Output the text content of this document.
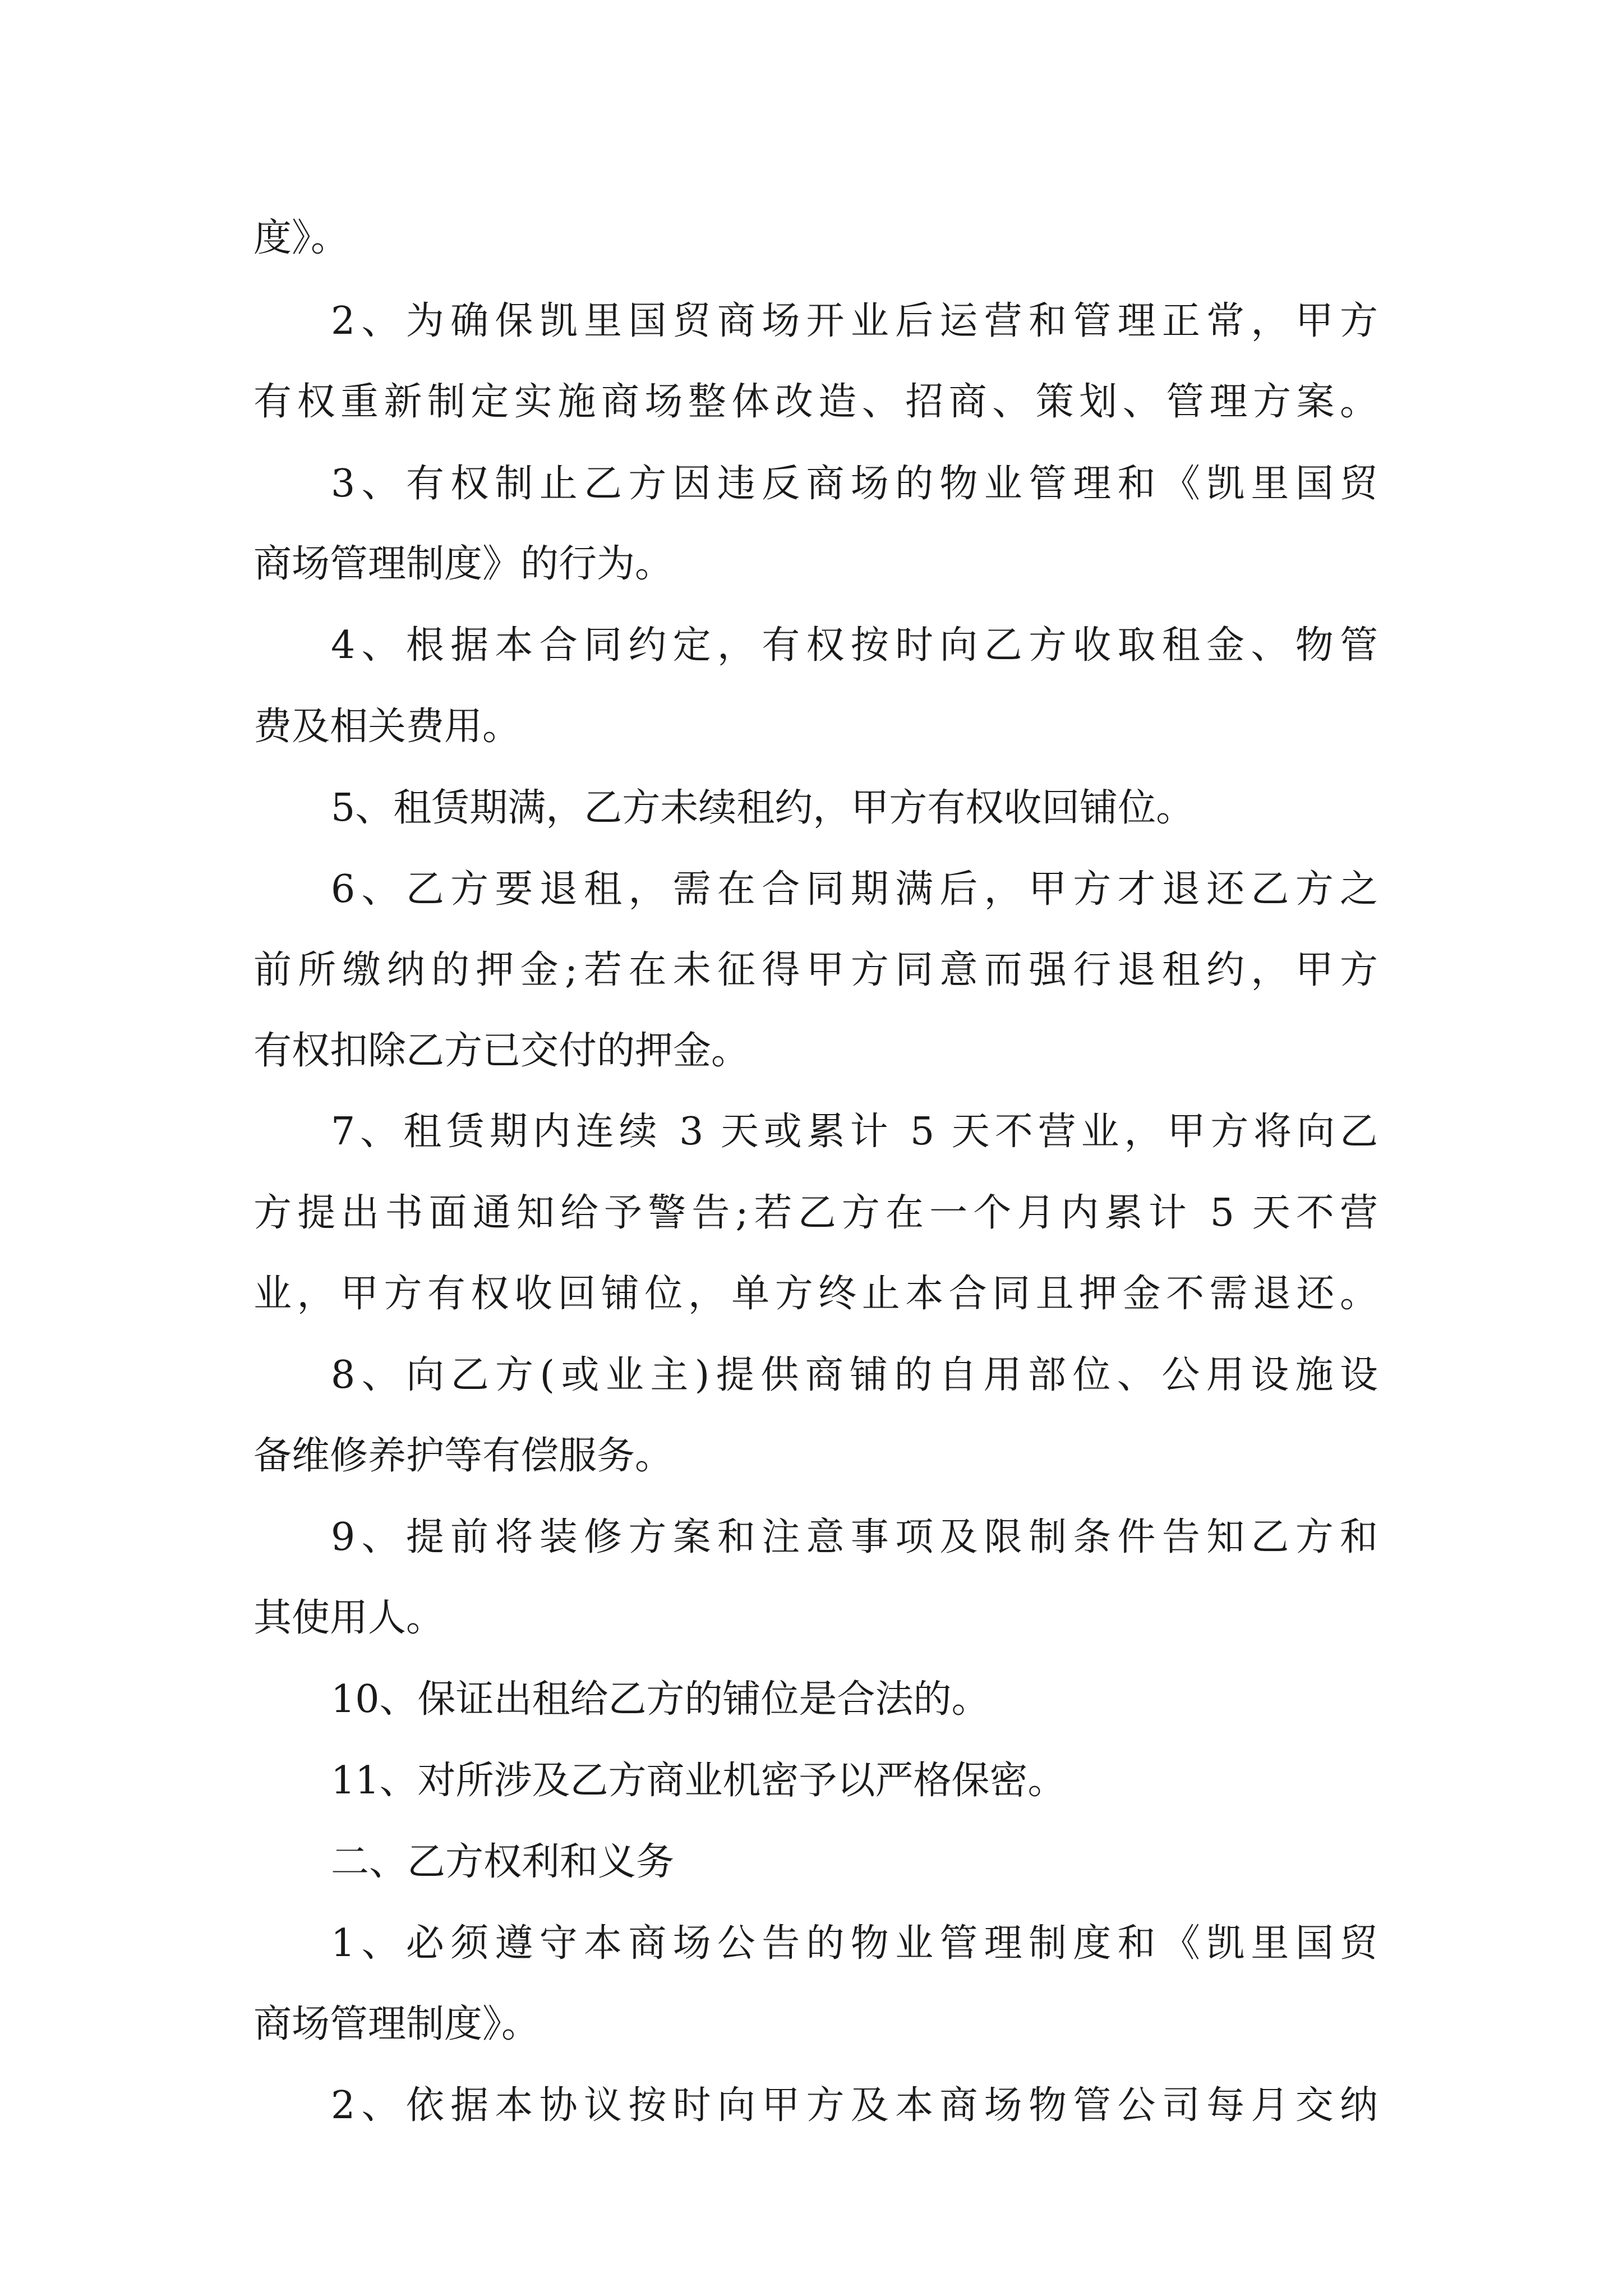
度》。

2、为确保凯里国贸商场开业后运营和管理正常，甲方

有权重新制定实施商场整体改造、招商、策划、管理方案。

3、有权制止乙方因违反商场的物业管理和《凯里国贸

商场管理制度》的行为。

4、根据本合同约定，有权按时向乙方收取租金、物管

费及相关费用。

5、租赁期满，乙方未续租约，甲方有权收回铺位。

6、乙方要退租，需在合同期满后，甲方才退还乙方之

前所缴纳的押金;若在未征得甲方同意而强行退租约，甲方

有权扣除乙方已交付的押金。

7、租赁期内连续 3 天或累计 5 天不营业，甲方将向乙

方提出书面通知给予警告;若乙方在一个月内累计 5 天不营

业，甲方有权收回铺位，单方终止本合同且押金不需退还。

8、向乙方(或业主)提供商铺的自用部位、公用设施设

备维修养护等有偿服务。

9、提前将装修方案和注意事项及限制条件告知乙方和

其使用人。

10、保证出租给乙方的铺位是合法的。

11、对所涉及乙方商业机密予以严格保密。

二、乙方权利和义务

1、必须遵守本商场公告的物业管理制度和《凯里国贸

商场管理制度》。

2、依据本协议按时向甲方及本商场物管公司每月交纳
